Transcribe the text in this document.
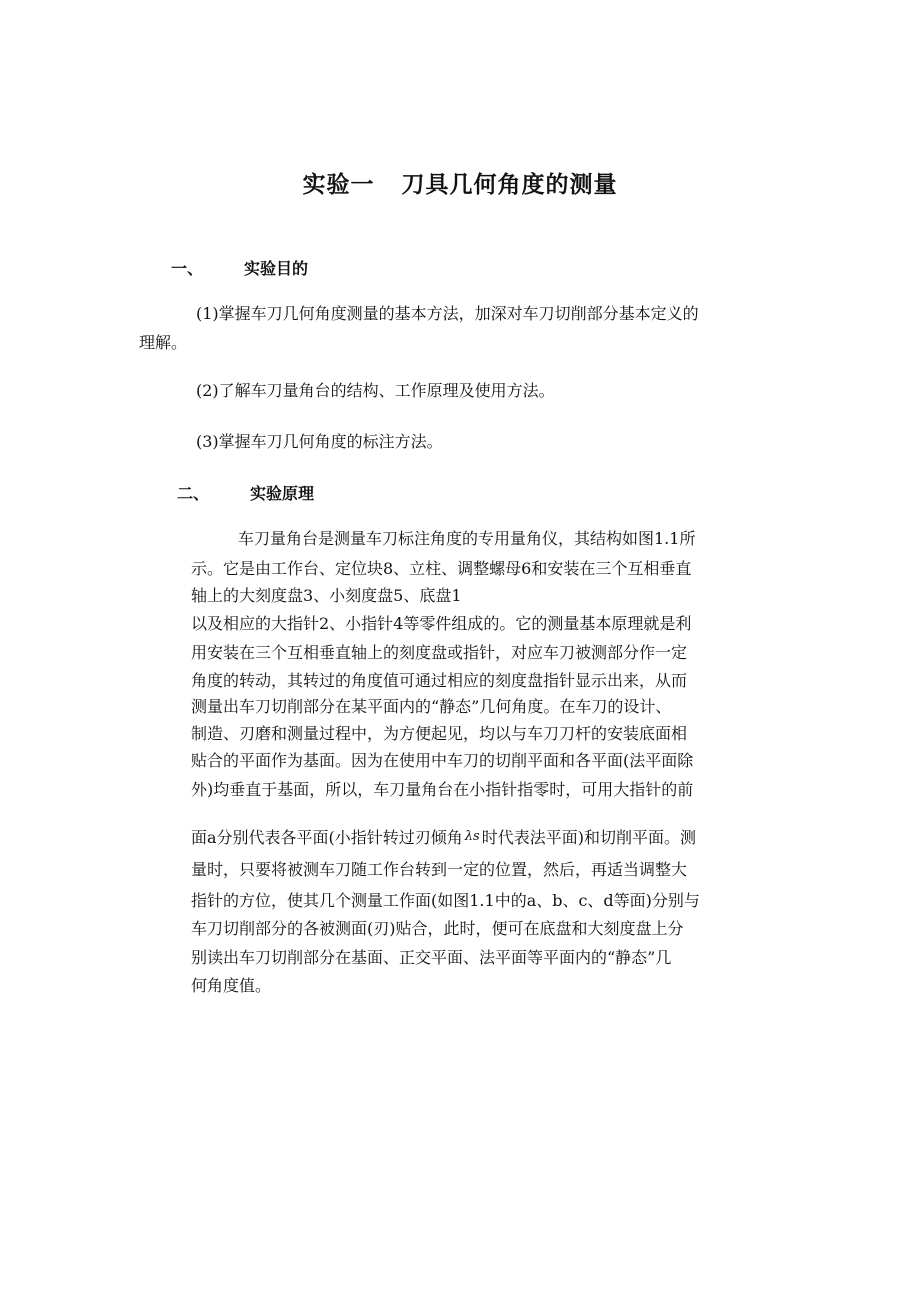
实验一   刀具几何角度的测量
一、	实验目的
(1)掌握车刀几何角度测量的基本方法，加深对车刀切削部分基本定义的
理解。
(2)了解车刀量角台的结构、工作原理及使用方法。
(3)掌握车刀几何角度的标注方法。
二、	实验原理
车刀量角台是测量车刀标注角度的专用量角仪，其结构如图1.1所
示。它是由工作台、定位块8、立柱、调整螺母6和安装在三个互相垂直
轴上的大刻度盘3、小刻度盘5、底盘1
以及相应的大指针2、小指针4等零件组成的。它的测量基本原理就是利
用安装在三个互相垂直轴上的刻度盘或指针，对应车刀被测部分作一定
角度的转动，其转过的角度值可通过相应的刻度盘指针显示出来，从而
测量出车刀切削部分在某平面内的“静态”几何角度。在车刀的设计、
制造、刃磨和测量过程中，为方便起见，均以与车刀刀杆的安装底面相
贴合的平面作为基面。因为在使用中车刀的切削平面和各平面(法平面除
外)均垂直于基面，所以，车刀量角台在小指针指零时，可用大指针的前
面a分别代表各平面(小指针转过刃倾角 λs 时代表法平面)和切削平面。测
量时，只要将被测车刀随工作台转到一定的位置，然后，再适当调整大
指针的方位，使其几个测量工作面(如图1.1中的a、b、c、d等面)分别与
车刀切削部分的各被测面(刃)贴合，此时，便可在底盘和大刻度盘上分
别读出车刀切削部分在基面、正交平面、法平面等平面内的“静态”几
何角度值。
